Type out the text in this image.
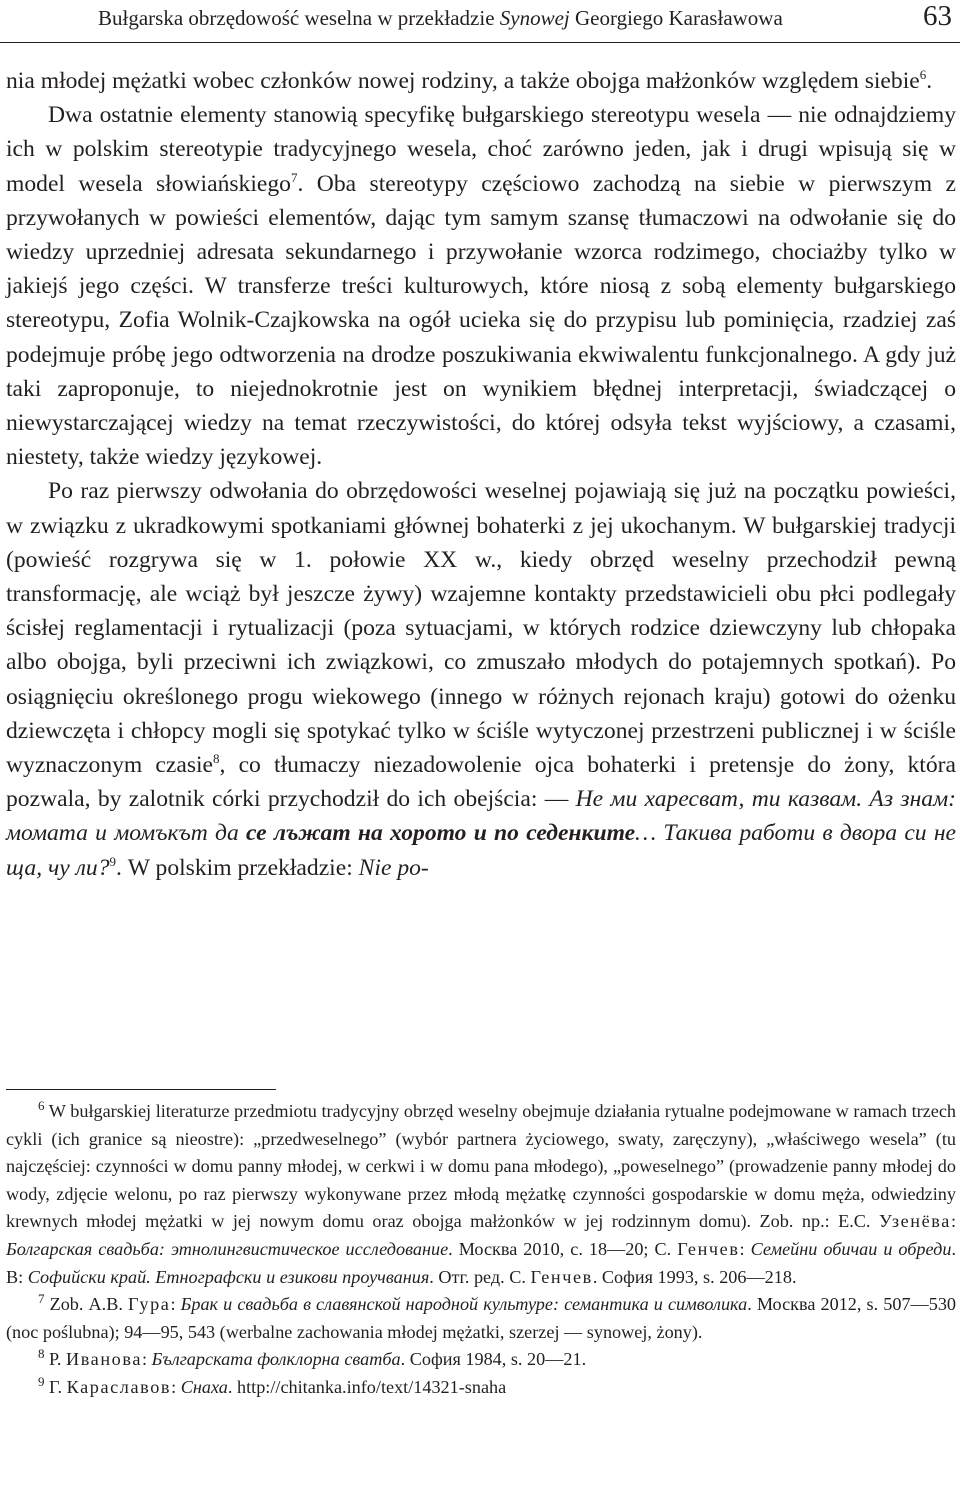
Bułgarska obrzędowość weselna w przekładzie Synowej Georgiego Karasławowa	63

nia młodej mężatki wobec członków nowej rodziny, a także obojga małżonków względem siebie$^6$.

Dwa ostatnie elementy stanowią specyfikę bułgarskiego stereotypu wesela — nie odnajdziemy ich w polskim stereotypie tradycyjnego wesela, choć zarówno jeden, jak i drugi wpisują się w model wesela słowiańskiego$^7$. Oba stereotypy częściowo zachodzą na siebie w pierwszym z przywołanych w powieści elementów, dając tym samym szansę tłumaczowi na odwołanie się do wiedzy uprzedniej adresata sekundarnego i przywołanie wzorca rodzimego, chociażby tylko w jakiejś jego części. W transferze treści kulturowych, które niosą z sobą elementy bułgarskiego stereotypu, Zofia Wolnik-Czajkowska na ogół ucieka się do przypisu lub pominięcia, rzadziej zaś podejmuje próbę jego odtworzenia na drodze poszukiwania ekwiwalentu funkcjonalnego. A gdy już taki zaproponuje, to niejednokrotnie jest on wynikiem błędnej interpretacji, świadczącej o niewystarczającej wiedzy na temat rzeczywistości, do której odsyła tekst wyjściowy, a czasami, niestety, także wiedzy językowej.

Po raz pierwszy odwołania do obrzędowości weselnej pojawiają się już na początku powieści, w związku z ukradkowymi spotkaniami głównej bohaterki z jej ukochanym. W bułgarskiej tradycji (powieść rozgrywa się w 1. połowie XX w., kiedy obrzęd weselny przechodził pewną transformację, ale wciąż był jeszcze żywy) wzajemne kontakty przedstawicieli obu płci podlegały ścisłej reglamentacji i rytualizacji (poza sytuacjami, w których rodzice dziewczyny lub chłopaka albo obojga, byli przeciwni ich związkowi, co zmuszało młodych do potajemnych spotkań). Po osiągnięciu określonego progu wiekowego (innego w różnych rejonach kraju) gotowi do ożenku dziewczęta i chłopcy mogli się spotykać tylko w ściśle wytyczonej przestrzeni publicznej i w ściśle wyznaczonym czasie$^8$, co tłumaczy niezadowolenie ojca bohaterki i pretensje do żony, która pozwala, by zalotnik córki przychodził do ich obejścia: — Не ми харесват, ти казвам. Аз знам: момата и момъкът да се лъжат на хорото и по седенките… Такива работи в двора си не ща, чу ли?$^9$. W polskim przekładzie: Nie po-

$^6$ W bułgarskiej literaturze przedmiotu tradycyjny obrzęd weselny obejmuje działania rytualne podejmowane w ramach trzech cykli (ich granice są nieostre): „przedweselnego” (wybór partnera życiowego, swaty, zaręczyny), „właściwego wesela” (tu najczęściej: czynności w domu panny młodej, w cerkwi i w domu pana młodego), „poweselnego” (prowadzenie panny młodej do wody, zdjęcie welonu, po raz pierwszy wykonywane przez młodą mężatkę czynności gospodarskie w domu męża, odwiedziny krewnych młodej mężatki w jej nowym domu oraz obojga małżonków w jej rodzinnym domu). Zob. np.: Е.С. Узенёва: Болгарская свадьба: этнолингвистическое исследование. Москва 2010, с. 18—20; С. Генчев: Семейни обичаи и обреди. В: Софийски край. Етнографски и езикови проучвания. Отг. ред. С. Генчев. София 1993, s. 206—218.

$^7$ Zob. А.В. Гура: Брак и свадьба в славянской народной культуре: семантика и символика. Москва 2012, s. 507—530 (noc poślubna); 94—95, 543 (werbalne zachowania młodej mężatki, szerzej — synowej, żony).

$^8$ Р. Иванова: Българската фолклорна сватба. София 1984, s. 20—21.

$^9$ Г. Караславов: Снаха. http://chitanka.info/text/14321-snaha
